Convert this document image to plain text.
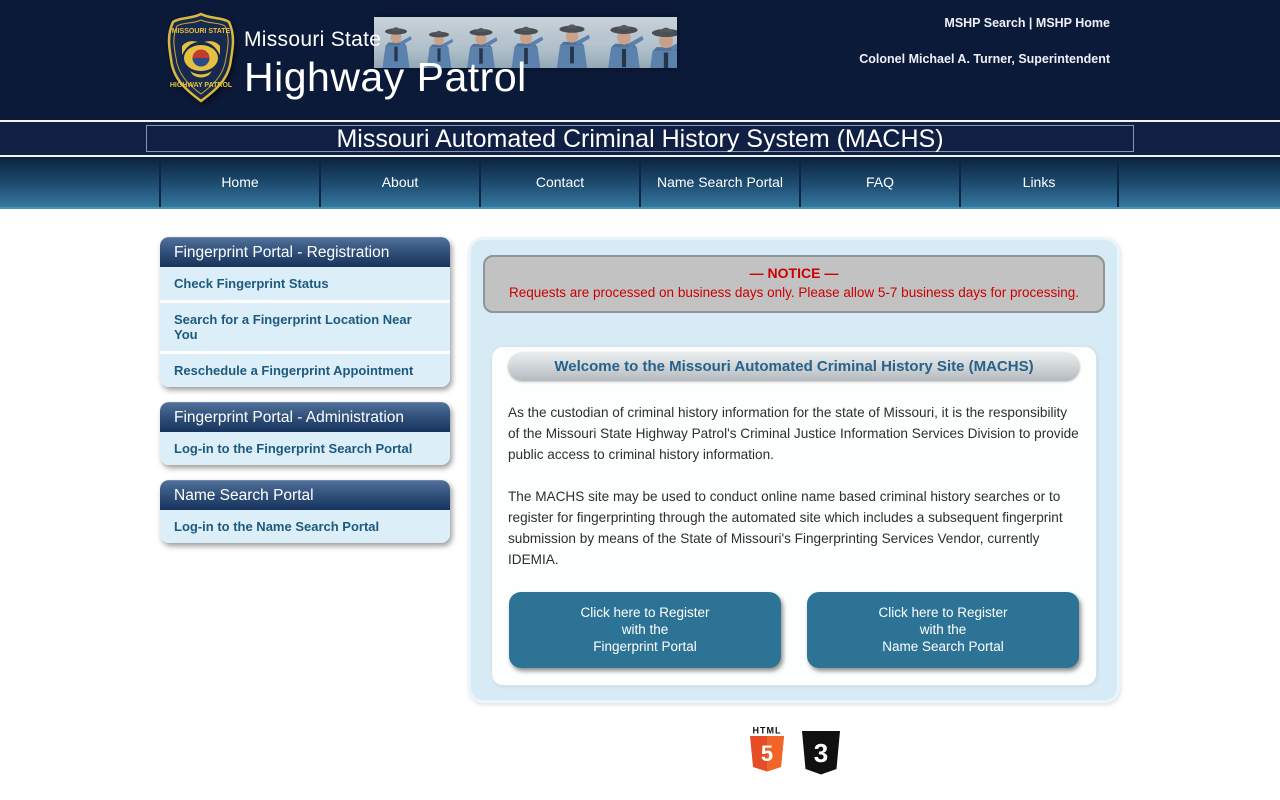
MISSOURI STATE
HIGHWAY PATROL
Missouri State
Highway Patrol
MSHP Search | MSHP Home
Colonel Michael A. Turner, Superintendent
Missouri Automated Criminal History System (MACHS)
Home	About	Contact	Name Search Portal	FAQ	Links
Fingerprint Portal - Registration
Check Fingerprint Status
Search for a Fingerprint Location Near You
Reschedule a Fingerprint Appointment
Fingerprint Portal - Administration
Log-in to the Fingerprint Search Portal
Name Search Portal
Log-in to the Name Search Portal
— NOTICE —
Requests are processed on business days only. Please allow 5-7 business days for processing.
Welcome to the Missouri Automated Criminal History Site (MACHS)

As the custodian of criminal history information for the state of Missouri, it is the responsibility of the Missouri State Highway Patrol's Criminal Justice Information Services Division to provide public access to criminal history information.

The MACHS site may be used to conduct online name based criminal history searches or to register for fingerprinting through the automated site which includes a subsequent fingerprint submission by means of the State of Missouri's Fingerprinting Services Vendor, currently IDEMIA.

Click here to Register
with the
Fingerprint Portal
Click here to Register
with the
Name Search Portal
HTML
5 3
